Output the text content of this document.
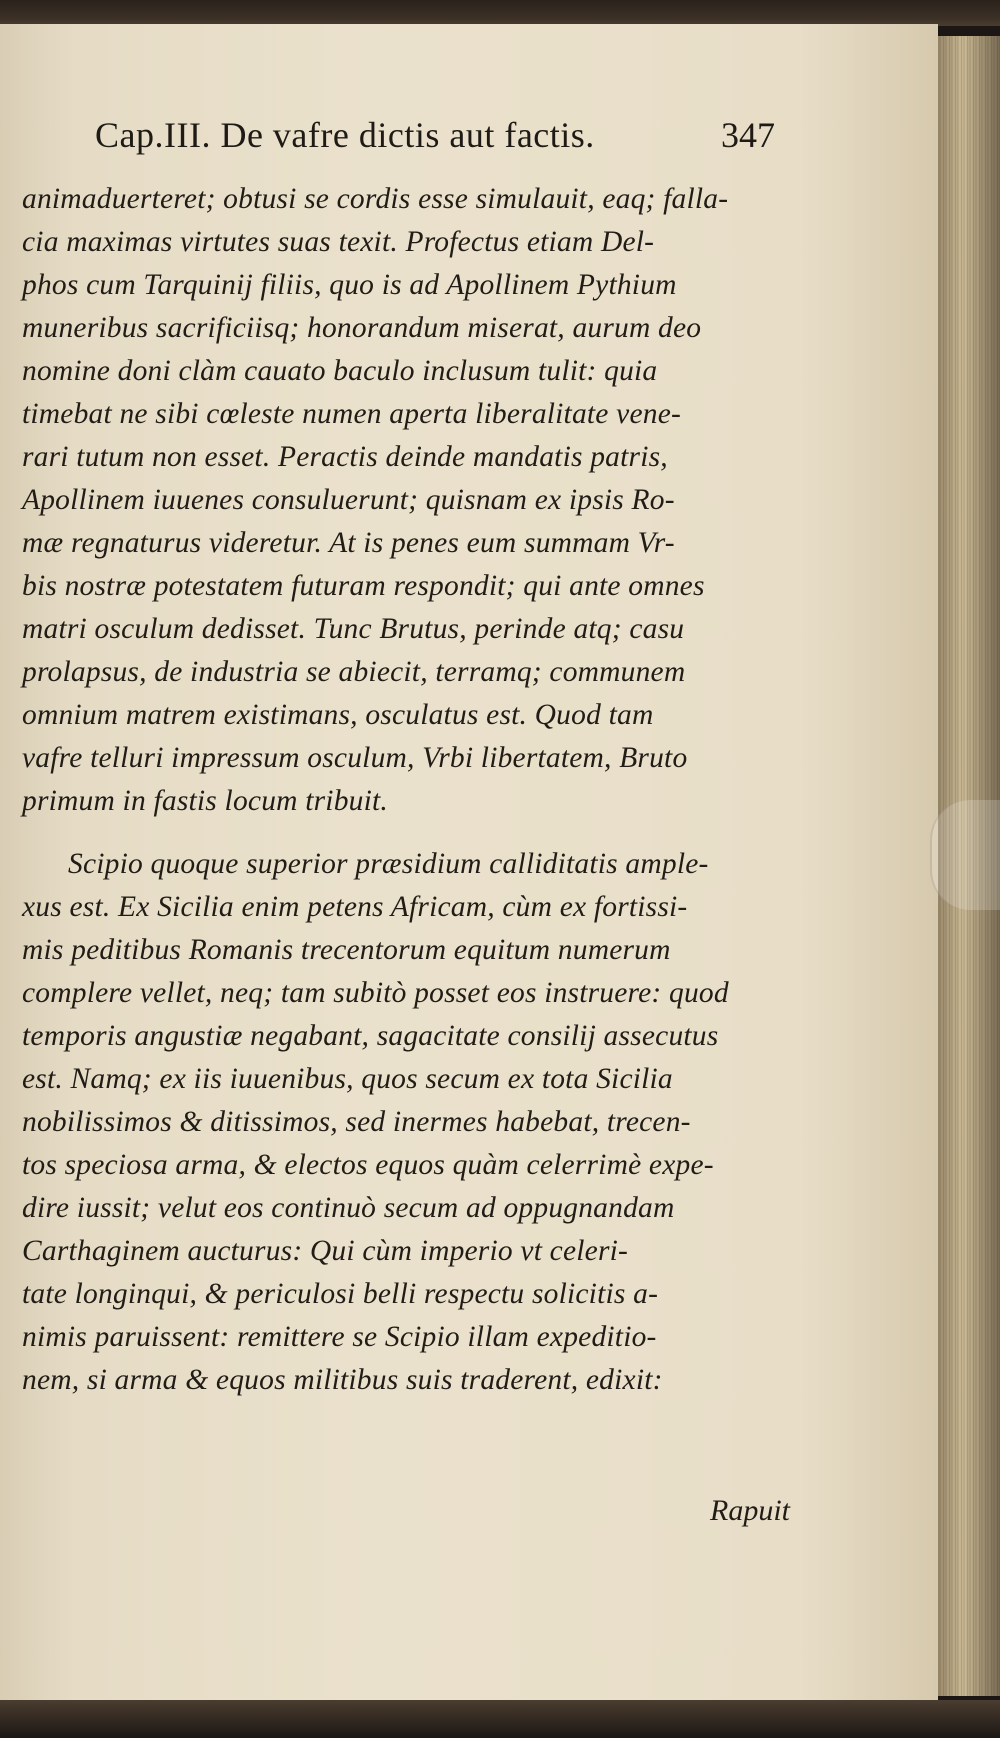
Cap.III. De vafre dictis aut factis.	347
animaduerteret; obtusi se cordis esse simulauit, eaq; falla-
cia maximas virtutes suas texit. Profectus etiam Del-
phos cum Tarquinij filiis, quo is ad Apollinem Pythium
muneribus sacrificiisq; honorandum miserat, aurum deo
nomine doni clàm cauato baculo inclusum tulit: quia
timebat ne sibi cœleste numen aperta liberalitate vene-
rari tutum non esset. Peractis deinde mandatis patris,
Apollinem iuuenes consuluerunt; quisnam ex ipsis Ro-
mæ regnaturus videretur. At is penes eum summam Vr-
bis nostræ potestatem futuram respondit; qui ante omnes
matri osculum dedisset. Tunc Brutus, perinde atq; casu
prolapsus, de industria se abiecit, terramq; communem
omnium matrem existimans, osculatus est. Quod tam
vafre telluri impressum osculum, Vrbi libertatem, Bruto
primum in fastis locum tribuit.
Scipio quoque superior præsidium calliditatis ample-
xus est. Ex Sicilia enim petens Africam, cùm ex fortissi-
mis peditibus Romanis trecentorum equitum numerum
complere vellet, neq; tam subitò posset eos instruere: quod
temporis angustiæ negabant, sagacitate consilij assecutus
est. Namq; ex iis iuuenibus, quos secum ex tota Sicilia
nobilissimos & ditissimos, sed inermes habebat, trecen-
tos speciosa arma, & electos equos quàm celerrimè expe-
dire iussit; velut eos continuò secum ad oppugnandam
Carthaginem aucturus: Qui cùm imperio vt celeri-
tate longinqui, & periculosi belli respectu solicitis a-
nimis paruissent: remittere se Scipio illam expeditio-
nem, si arma & equos militibus suis traderent, edixit:
Rapuit
